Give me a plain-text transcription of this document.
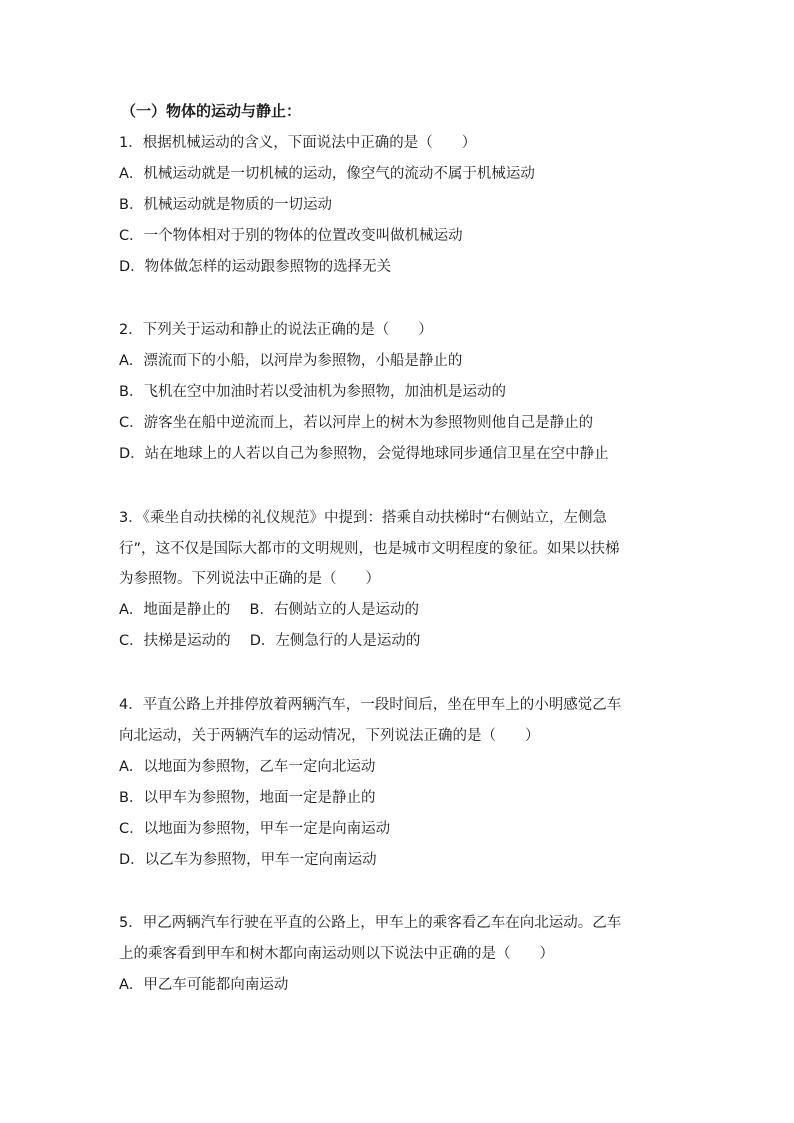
（一）物体的运动与静止：
1．根据机械运动的含义，下面说法中正确的是（　　）
A．机械运动就是一切机械的运动，像空气的流动不属于机械运动
B．机械运动就是物质的一切运动
C．一个物体相对于别的物体的位置改变叫做机械运动
D．物体做怎样的运动跟参照物的选择无关
2．下列关于运动和静止的说法正确的是（　　）
A．漂流而下的小船，以河岸为参照物，小船是静止的
B．飞机在空中加油时若以受油机为参照物，加油机是运动的
C．游客坐在船中逆流而上，若以河岸上的树木为参照物则他自己是静止的
D．站在地球上的人若以自己为参照物，会觉得地球同步通信卫星在空中静止
3．《乘坐自动扶梯的礼仪规范》中提到：搭乘自动扶梯时“右侧站立，左侧急
行”，这不仅是国际大都市的文明规则，也是城市文明程度的象征。如果以扶梯
为参照物。下列说法中正确的是（　　）
A．地面是静止的　 B．右侧站立的人是运动的
C．扶梯是运动的　 D．左侧急行的人是运动的
4．平直公路上并排停放着两辆汽车，一段时间后，坐在甲车上的小明感觉乙车
向北运动，关于两辆汽车的运动情况，下列说法正确的是（　　）
A．以地面为参照物，乙车一定向北运动
B．以甲车为参照物，地面一定是静止的
C．以地面为参照物，甲车一定是向南运动
D．以乙车为参照物，甲车一定向南运动
5．甲乙两辆汽车行驶在平直的公路上，甲车上的乘客看乙车在向北运动。乙车
上的乘客看到甲车和树木都向南运动则以下说法中正确的是（　　）
A．甲乙车可能都向南运动
